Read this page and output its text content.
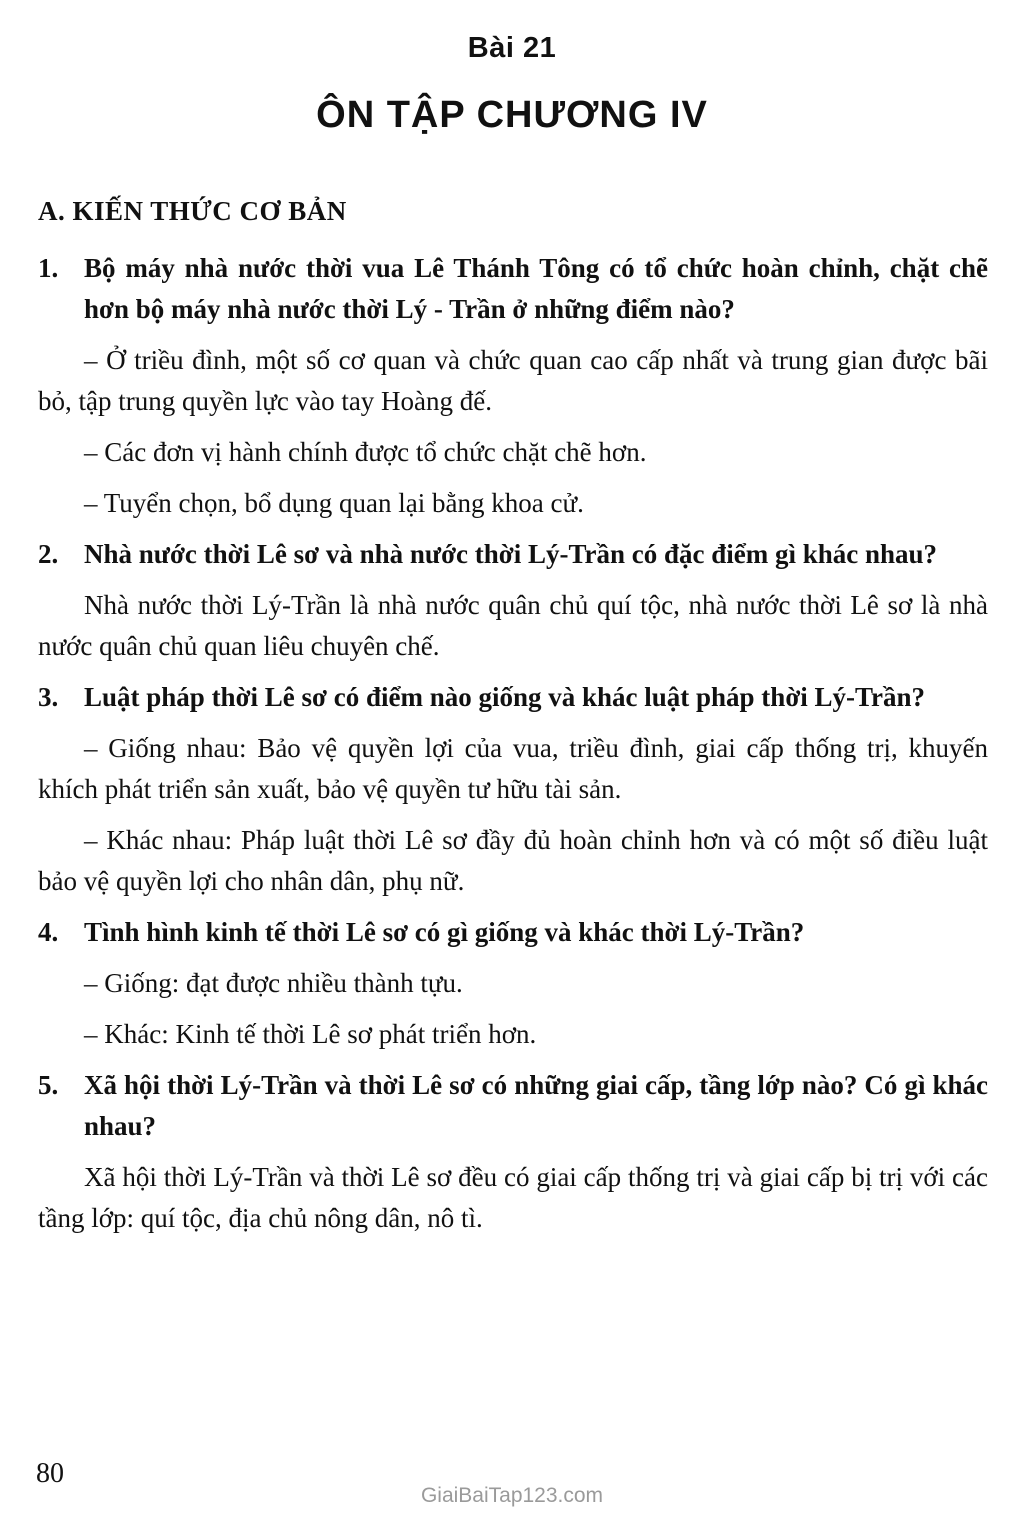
Bài 21
ÔN TẬP CHƯƠNG IV
A. KIẾN THỨC CƠ BẢN
1. Bộ máy nhà nước thời vua Lê Thánh Tông có tổ chức hoàn chỉnh, chặt chẽ hơn bộ máy nhà nước thời Lý - Trần ở những điểm nào?
– Ở triều đình, một số cơ quan và chức quan cao cấp nhất và trung gian được bãi bỏ, tập trung quyền lực vào tay Hoàng đế.
– Các đơn vị hành chính được tổ chức chặt chẽ hơn.
– Tuyển chọn, bổ dụng quan lại bằng khoa cử.
2. Nhà nước thời Lê sơ và nhà nước thời Lý-Trần có đặc điểm gì khác nhau?
Nhà nước thời Lý-Trần là nhà nước quân chủ quí tộc, nhà nước thời Lê sơ là nhà nước quân chủ quan liêu chuyên chế.
3. Luật pháp thời Lê sơ có điểm nào giống và khác luật pháp thời Lý-Trần?
– Giống nhau: Bảo vệ quyền lợi của vua, triều đình, giai cấp thống trị, khuyến khích phát triển sản xuất, bảo vệ quyền tư hữu tài sản.
– Khác nhau: Pháp luật thời Lê sơ đầy đủ hoàn chỉnh hơn và có một số điều luật bảo vệ quyền lợi cho nhân dân, phụ nữ.
4. Tình hình kinh tế thời Lê sơ có gì giống và khác thời Lý-Trần?
– Giống: đạt được nhiều thành tựu.
– Khác: Kinh tế thời Lê sơ phát triển hơn.
5. Xã hội thời Lý-Trần và thời Lê sơ có những giai cấp, tầng lớp nào? Có gì khác nhau?
Xã hội thời Lý-Trần và thời Lê sơ đều có giai cấp thống trị và giai cấp bị trị với các tầng lớp: quí tộc, địa chủ nông dân, nô tì.
80
GiaiBaiTap123.com
